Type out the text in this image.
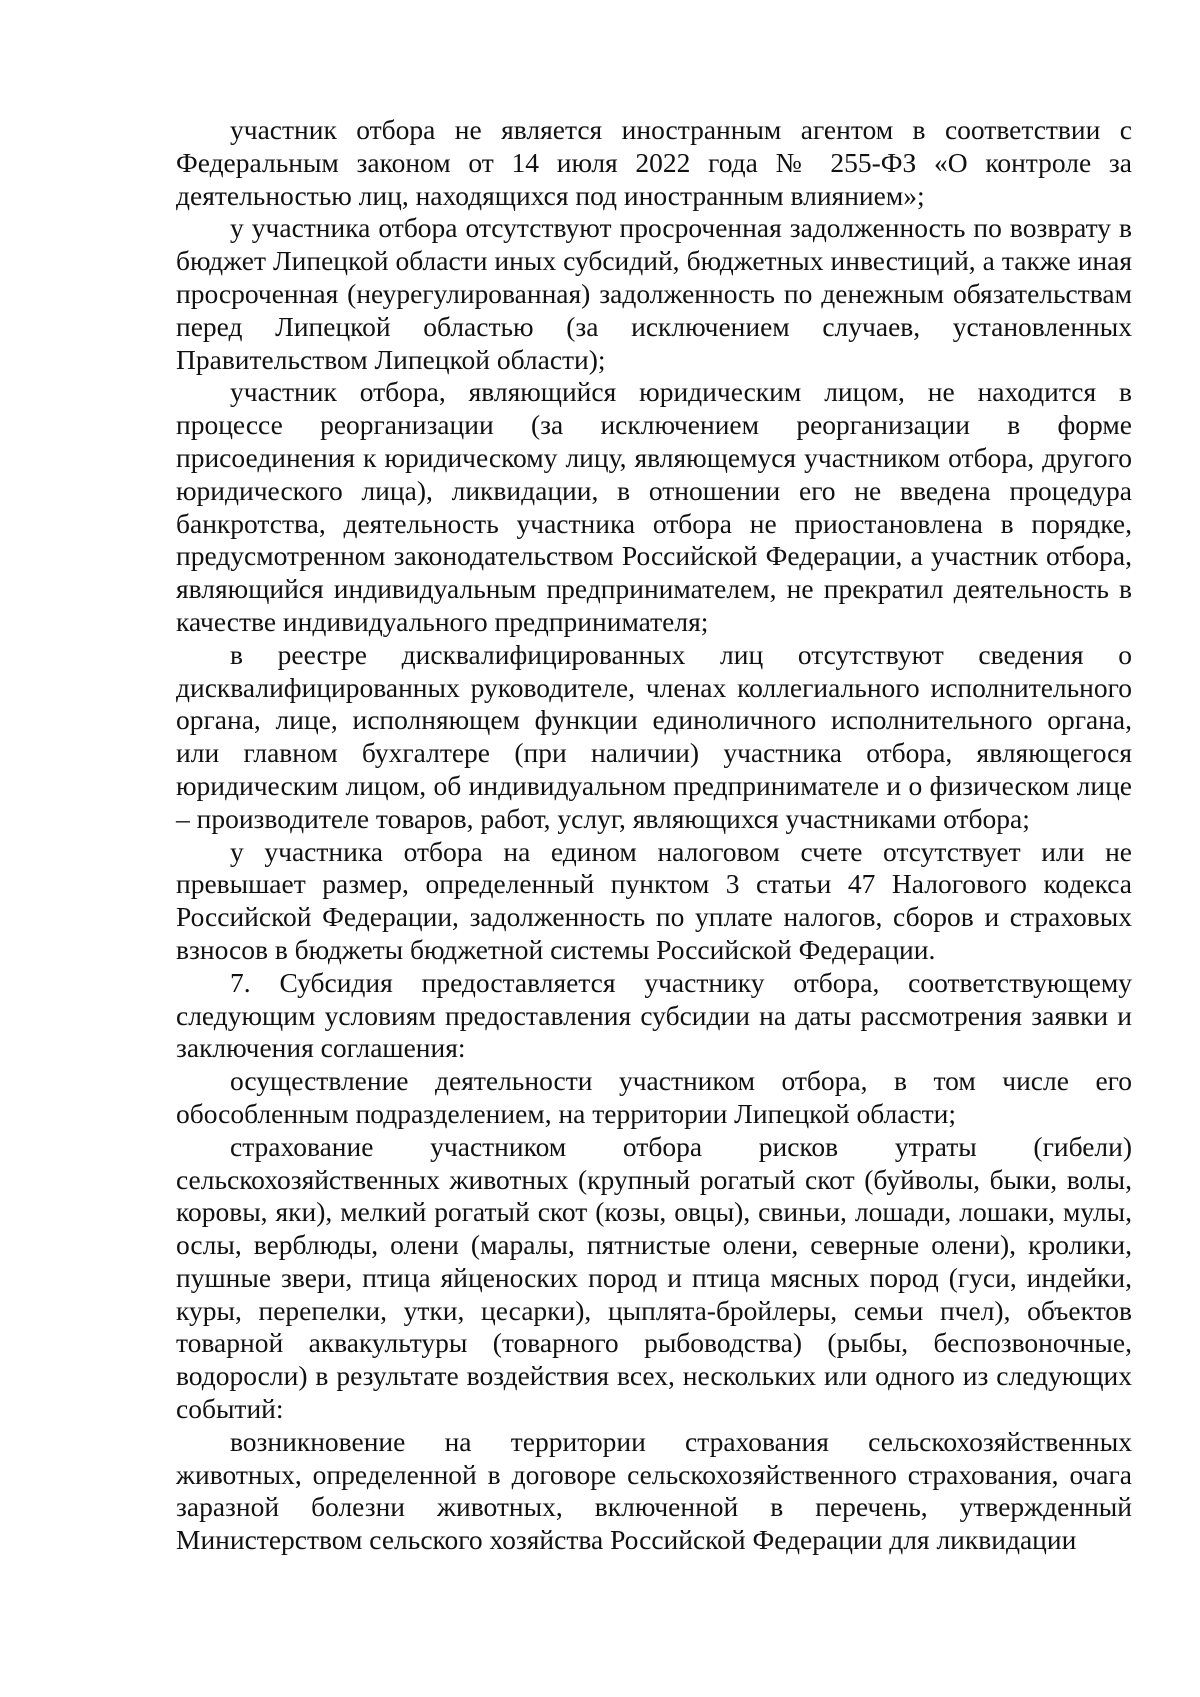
участник отбора не является иностранным агентом в соответствии с Федеральным законом от 14 июля 2022 года № 255-ФЗ «О контроле за деятельностью лиц, находящихся под иностранным влиянием»;

у участника отбора отсутствуют просроченная задолженность по возврату в бюджет Липецкой области иных субсидий, бюджетных инвестиций, а также иная просроченная (неурегулированная) задолженность по денежным обязательствам перед Липецкой областью (за исключением случаев, установленных Правительством Липецкой области);

участник отбора, являющийся юридическим лицом, не находится в процессе реорганизации (за исключением реорганизации в форме присоединения к юридическому лицу, являющемуся участником отбора, другого юридического лица), ликвидации, в отношении его не введена процедура банкротства, деятельность участника отбора не приостановлена в порядке, предусмотренном законодательством Российской Федерации, а участник отбора, являющийся индивидуальным предпринимателем, не прекратил деятельность в качестве индивидуального предпринимателя;

в реестре дисквалифицированных лиц отсутствуют сведения о дисквалифицированных руководителе, членах коллегиального исполнительного органа, лице, исполняющем функции единоличного исполнительного органа, или главном бухгалтере (при наличии) участника отбора, являющегося юридическим лицом, об индивидуальном предпринимателе и о физическом лице – производителе товаров, работ, услуг, являющихся участниками отбора;

у участника отбора на едином налоговом счете отсутствует или не превышает размер, определенный пунктом 3 статьи 47 Налогового кодекса Российской Федерации, задолженность по уплате налогов, сборов и страховых взносов в бюджеты бюджетной системы Российской Федерации.

7. Субсидия предоставляется участнику отбора, соответствующему следующим условиям предоставления субсидии на даты рассмотрения заявки и заключения соглашения:

осуществление деятельности участником отбора, в том числе его обособленным подразделением, на территории Липецкой области;

страхование участником отбора рисков утраты (гибели) сельскохозяйственных животных (крупный рогатый скот (буйволы, быки, волы, коровы, яки), мелкий рогатый скот (козы, овцы), свиньи, лошади, лошаки, мулы, ослы, верблюды, олени (маралы, пятнистые олени, северные олени), кролики, пушные звери, птица яйценоских пород и птица мясных пород (гуси, индейки, куры, перепелки, утки, цесарки), цыплята-бройлеры, семьи пчел), объектов товарной аквакультуры (товарного рыбоводства) (рыбы, беспозвоночные, водоросли) в результате воздействия всех, нескольких или одного из следующих событий:

возникновение на территории страхования сельскохозяйственных животных, определенной в договоре сельскохозяйственного страхования, очага заразной болезни животных, включенной в перечень, утвержденный Министерством сельского хозяйства Российской Федерации для ликвидации
